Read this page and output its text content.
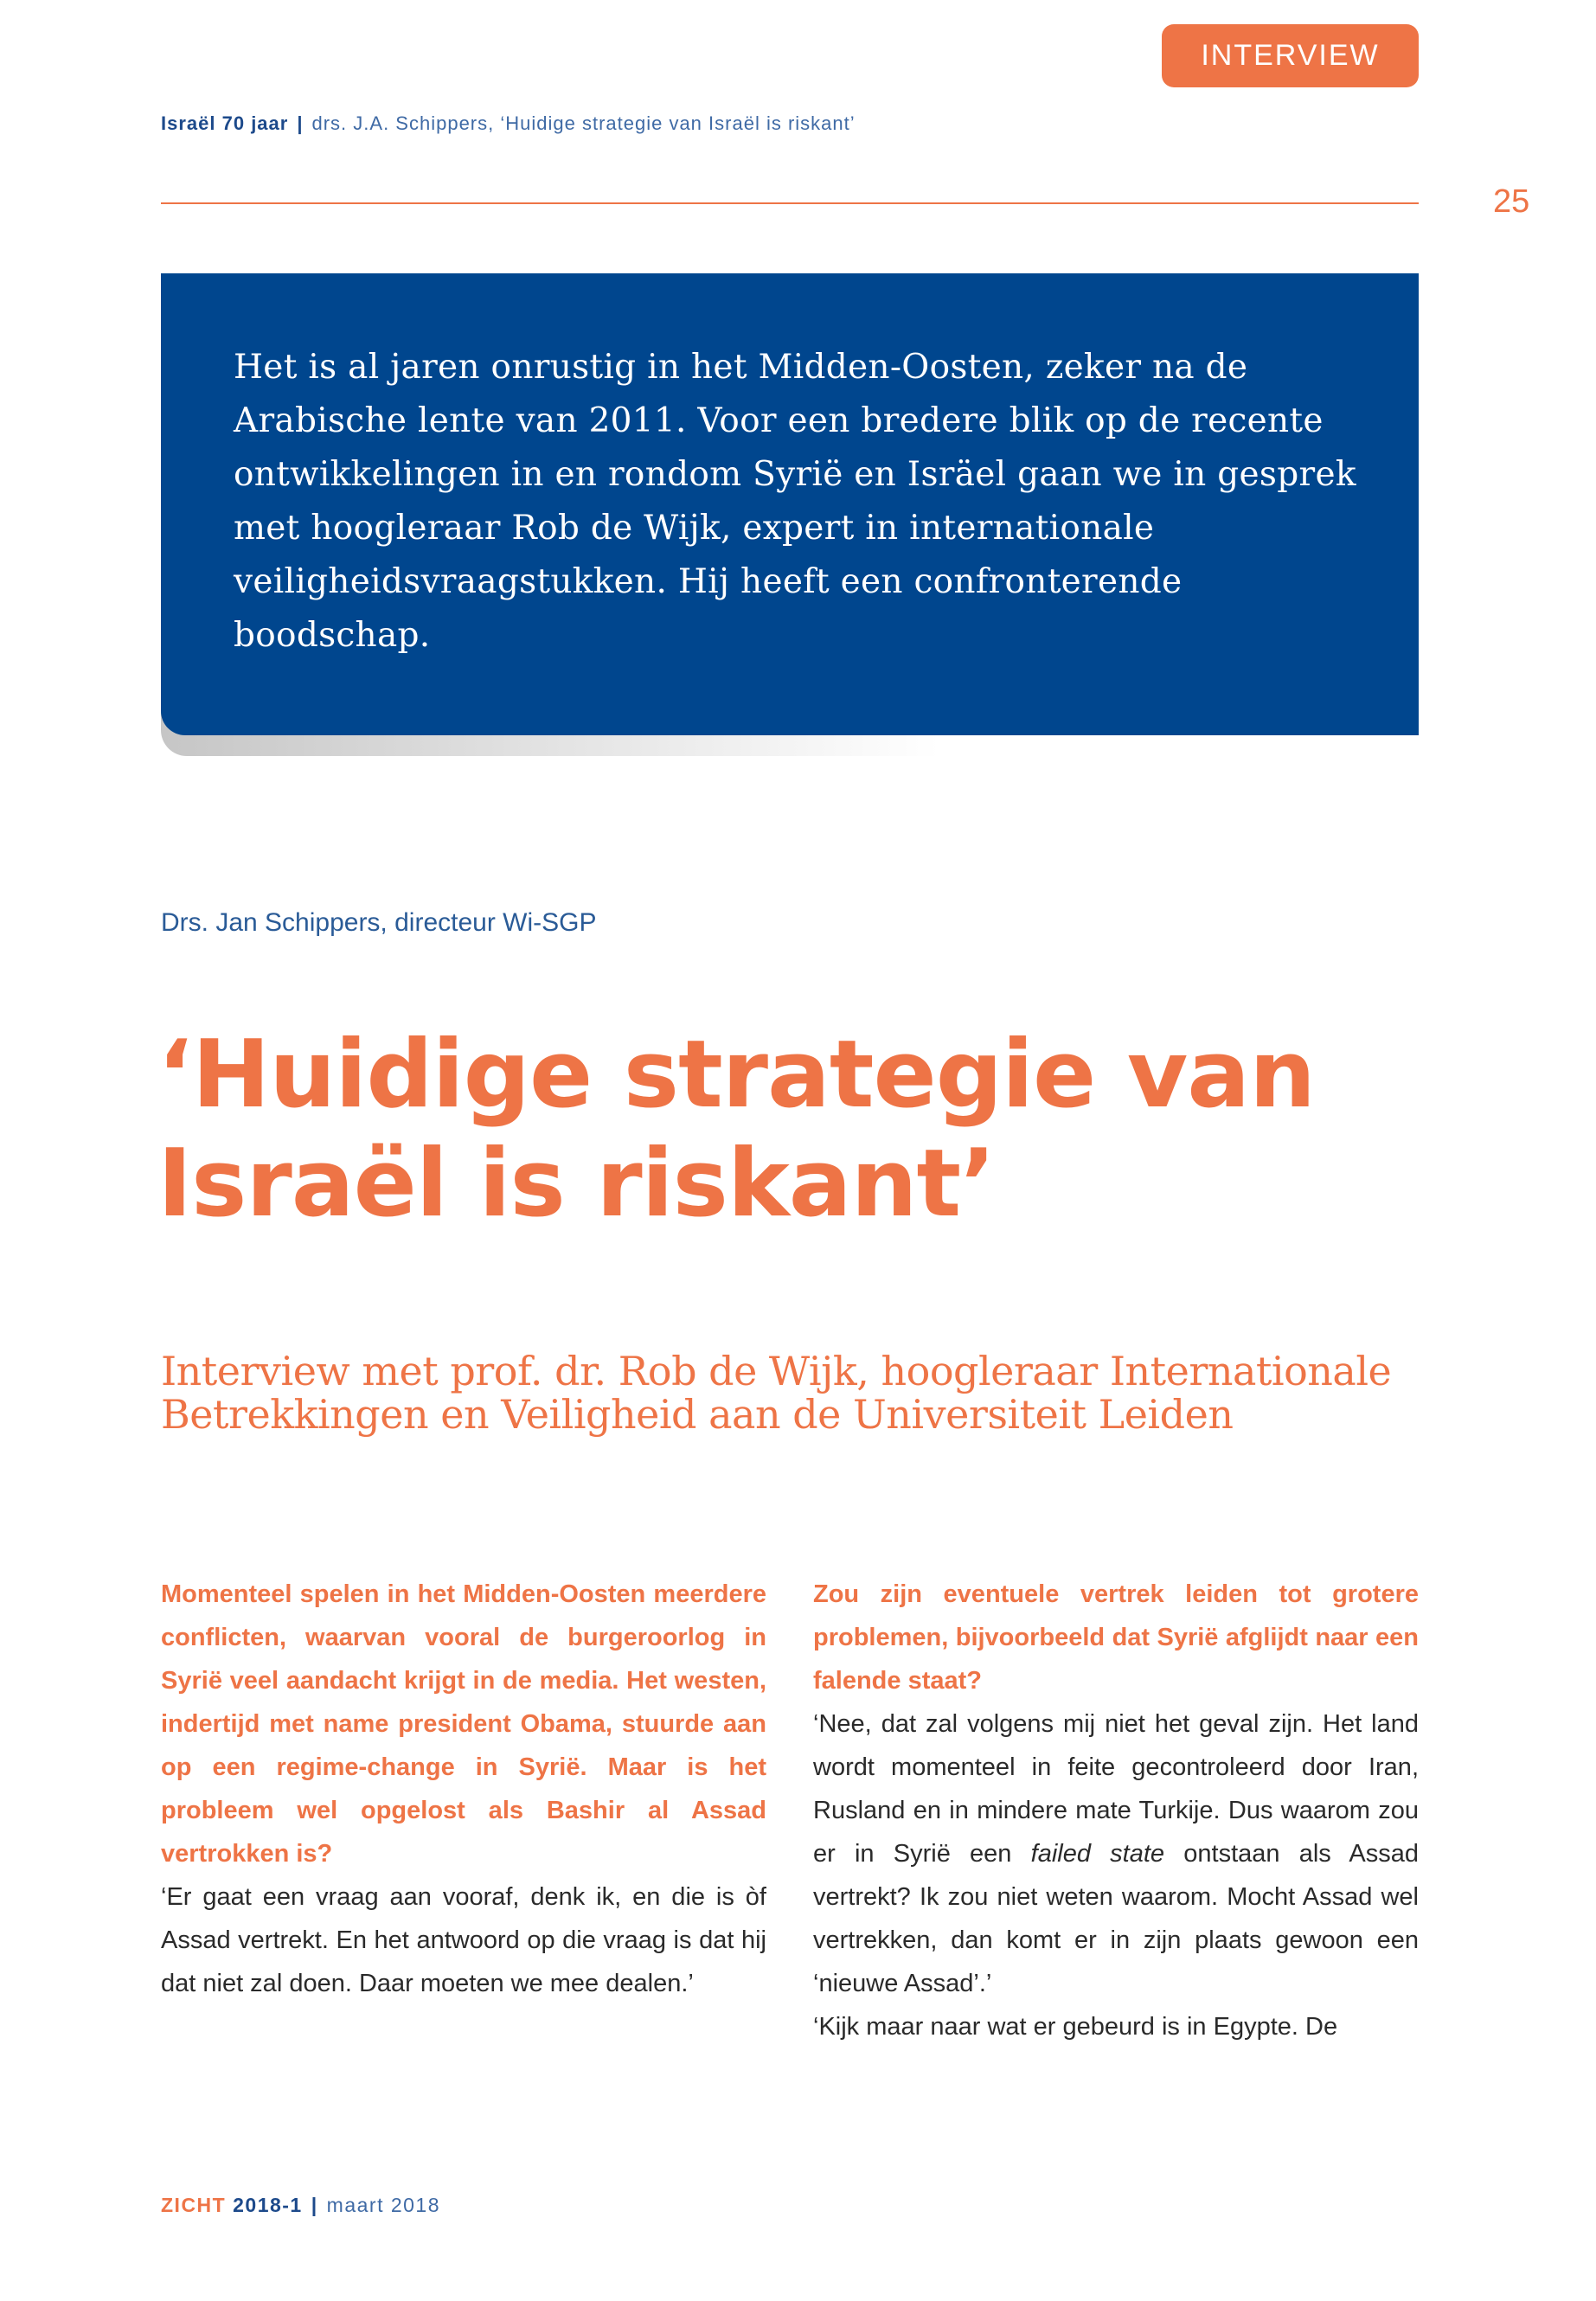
INTERVIEW
Israël 70 jaar | drs. J.A. Schippers, ‘Huidige strategie van Israël is riskant’
25

Het is al jaren onrustig in het Midden-Oosten, zeker na de Arabische lente van 2011. Voor een bredere blik op de recente ontwikkelingen in en rondom Syrië en Isräel gaan we in gesprek met hoogleraar Rob de Wijk, expert in internationale veiligheidsvraagstukken. Hij heeft een confronterende boodschap.

Drs. Jan Schippers, directeur Wi-SGP
‘Huidige strategie van Israël is riskant’

Interview met prof. dr. Rob de Wijk, hoogleraar Internationale Betrekkingen en Veiligheid aan de Universiteit Leiden

Momenteel spelen in het Midden-Oosten meerdere conflicten, waarvan vooral de burgeroorlog in Syrië veel aandacht krijgt in de media. Het westen, indertijd met name president Obama, stuurde aan op een regime-change in Syrië. Maar is het probleem wel opgelost als Bashir al Assad vertrokken is?
‘Er gaat een vraag aan vooraf, denk ik, en die is òf Assad vertrekt. En het antwoord op die vraag is dat hij dat niet zal doen. Daar moeten we mee dealen.’
Zou zijn eventuele vertrek leiden tot grotere problemen, bijvoorbeeld dat Syrië afglijdt naar een falende staat?
‘Nee, dat zal volgens mij niet het geval zijn. Het land wordt momenteel in feite gecontroleerd door Iran, Rusland en in mindere mate Turkije. Dus waarom zou er in Syrië een failed state ontstaan als Assad vertrekt? Ik zou niet weten waarom. Mocht Assad wel vertrekken, dan komt er in zijn plaats gewoon een ‘nieuwe Assad’.’
‘Kijk maar naar wat er gebeurd is in Egypte. De
ZICHT 2018-1 | maart 2018
